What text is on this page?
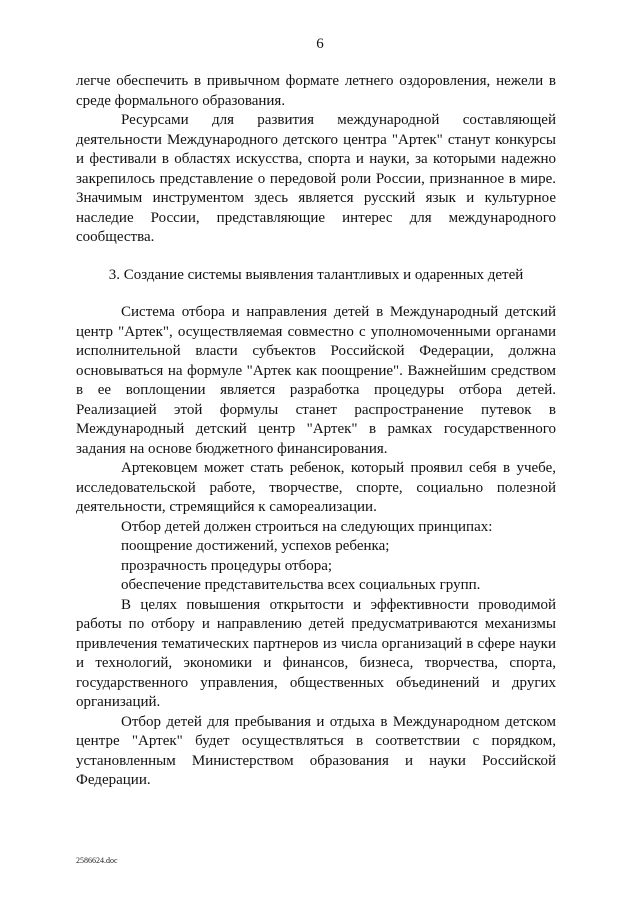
6

легче обеспечить в привычном формате летнего оздоровления, нежели в среде формального образования.

Ресурсами для развития международной составляющей деятельности Международного детского центра "Артек" станут конкурсы и фестивали в областях искусства, спорта и науки, за которыми надежно закрепилось представление о передовой роли России, признанное в мире. Значимым инструментом здесь является русский язык и культурное наследие России, представляющие интерес для международного сообщества.

3. Создание системы выявления талантливых и одаренных детей

Система отбора и направления детей в Международный детский центр "Артек", осуществляемая совместно с уполномоченными органами исполнительной власти субъектов Российской Федерации, должна основываться на формуле "Артек как поощрение". Важнейшим средством в ее воплощении является разработка процедуры отбора детей. Реализацией этой формулы станет распространение путевок в Международный детский центр "Артек" в рамках государственного задания на основе бюджетного финансирования.

Артековцем может стать ребенок, который проявил себя в учебе, исследовательской работе, творчестве, спорте, социально полезной деятельности, стремящийся к самореализации.

Отбор детей должен строиться на следующих принципах:

поощрение достижений, успехов ребенка;

прозрачность процедуры отбора;

обеспечение представительства всех социальных групп.

В целях повышения открытости и эффективности проводимой работы по отбору и направлению детей предусматриваются механизмы привлечения тематических партнеров из числа организаций в сфере науки и технологий, экономики и финансов, бизнеса, творчества, спорта, государственного управления, общественных объединений и других организаций.

Отбор детей для пребывания и отдыха в Международном детском центре "Артек" будет осуществляться в соответствии с порядком, установленным Министерством образования и науки Российской Федерации.

2586624.doc
